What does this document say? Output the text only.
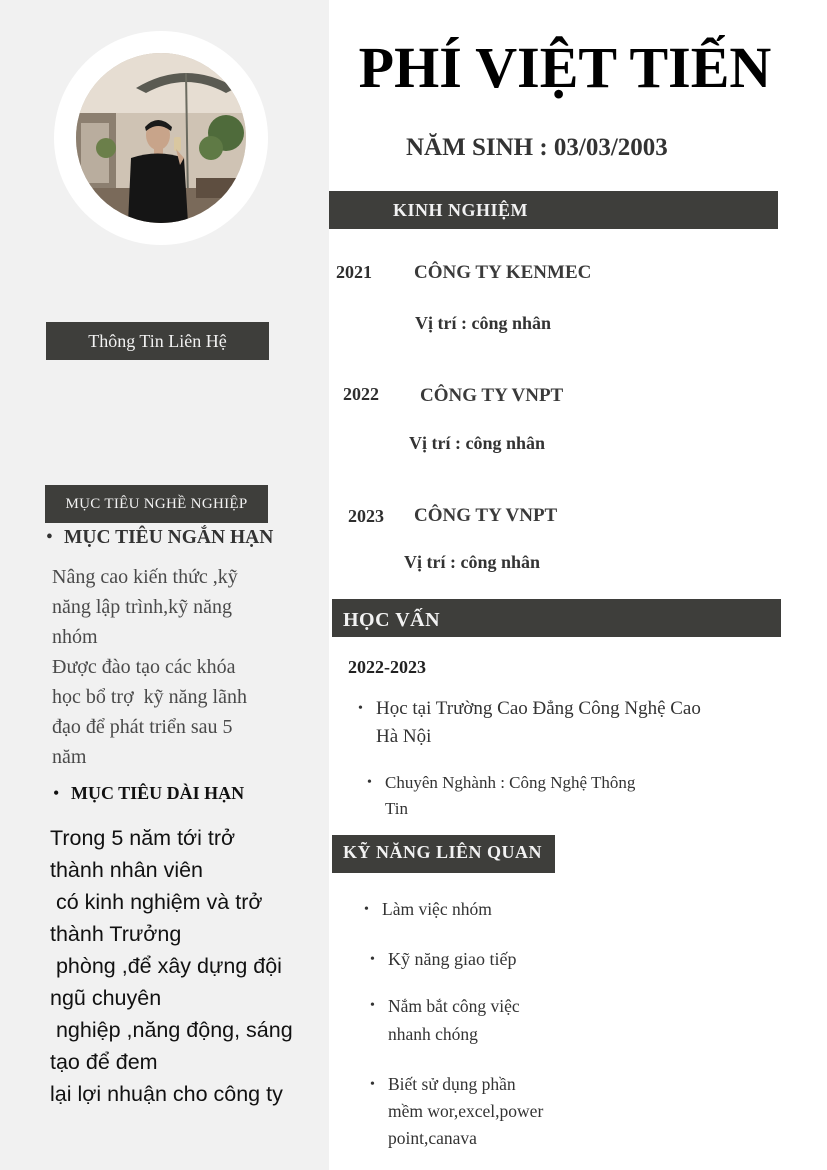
Thông Tin Liên Hệ
MỤC TIÊU NGHỀ NGHIỆP
• MỤC TIÊU NGẮN HẠN
Nâng cao kiến thức ,kỹ
năng lập trình,kỹ năng
nhóm
Được đào tạo các khóa
học bổ trợ  kỹ năng lãnh
đạo để phát triển sau 5
năm
• MỤC TIÊU DÀI HẠN
Trong 5 năm tới trở
thành nhân viên
có kinh nghiệm và trở
thành Trưởng
phòng ,để xây dựng đội
ngũ chuyên
nghiệp ,năng động, sáng
tạo để đem
lại lợi nhuận cho công ty
PHÍ VIỆT TIẾN
NĂM SINH : 03/03/2003
KINH NGHIỆM
2021 CÔNG TY KENMEC
Vị trí : công nhân
2022 CÔNG TY VNPT
Vị trí : công nhân
2023 CÔNG TY VNPT
Vị trí : công nhân
HỌC VẤN
2022-2023
• Học tại Trường Cao Đẳng Công Nghệ Cao
Hà Nội
• Chuyên Nghành : Công Nghệ Thông
Tin
KỸ NĂNG LIÊN QUAN
• Làm việc nhóm
• Kỹ năng giao tiếp
• Nắm bắt công việc
nhanh chóng
• Biết sử dụng phần
mềm wor,excel,power
point,canava
